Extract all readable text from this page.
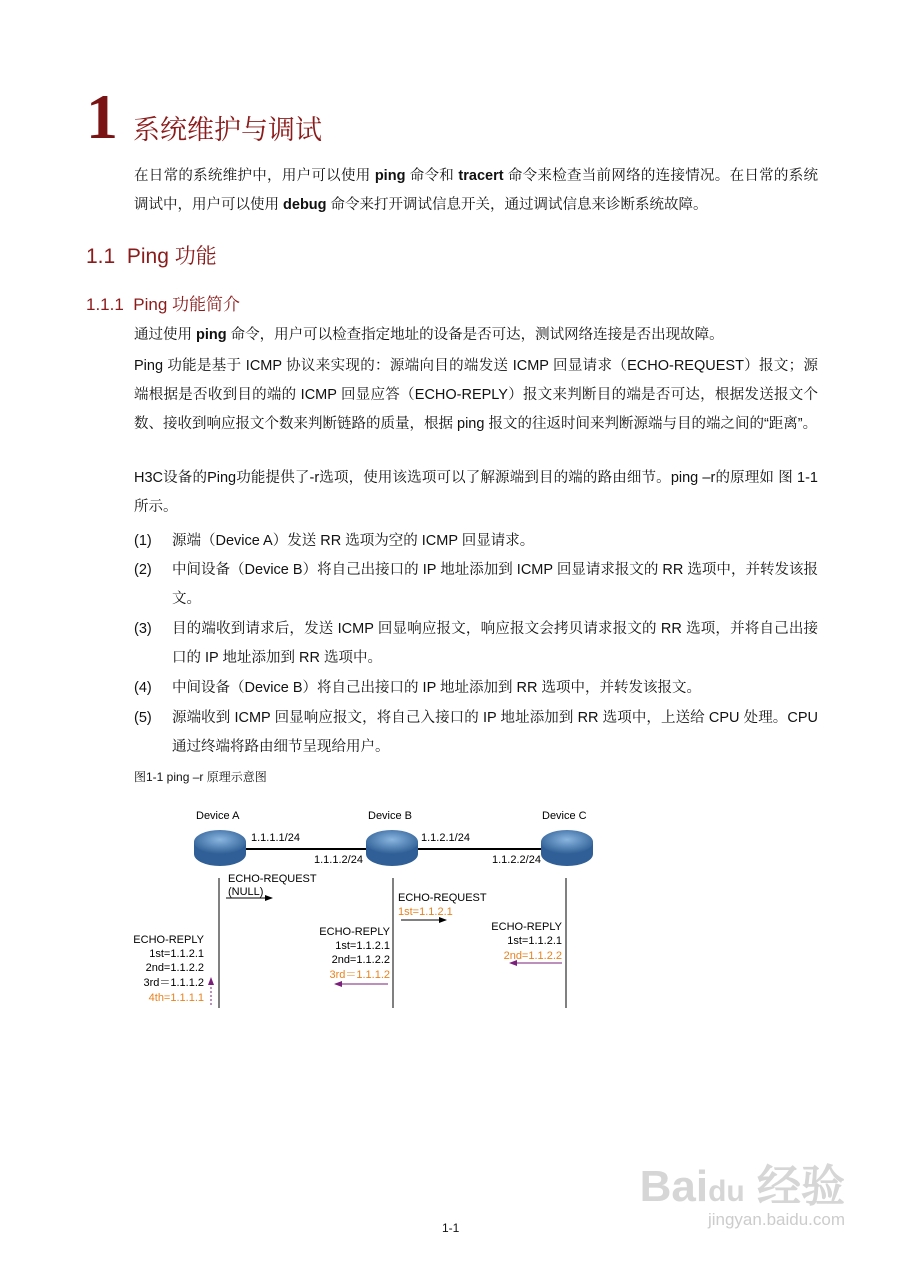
1 系统维护与调试
在日常的系统维护中，用户可以使用 ping 命令和 tracert 命令来检查当前网络的连接情况。在日常的系统调试中，用户可以使用 debug 命令来打开调试信息开关，通过调试信息来诊断系统故障。
1.1 Ping 功能
1.1.1 Ping 功能简介
通过使用 ping 命令，用户可以检查指定地址的设备是否可达，测试网络连接是否出现故障。
Ping 功能是基于 ICMP 协议来实现的：源端向目的端发送 ICMP 回显请求（ECHO-REQUEST）报文；源端根据是否收到目的端的 ICMP 回显应答（ECHO-REPLY）报文来判断目的端是否可达，根据发送报文个数、接收到响应报文个数来判断链路的质量，根据 ping 报文的往返时间来判断源端与目的端之间的“距离”。
H3C设备的Ping功能提供了-r选项，使用该选项可以了解源端到目的端的路由细节。ping –r的原理如 图 1-1所示。
(1) 源端（Device A）发送 RR 选项为空的 ICMP 回显请求。
(2) 中间设备（Device B）将自己出接口的 IP 地址添加到 ICMP 回显请求报文的 RR 选项中，并转发该报文。
(3) 目的端收到请求后，发送 ICMP 回显响应报文，响应报文会拷贝请求报文的 RR 选项，并将自己出接口的 IP 地址添加到 RR 选项中。
(4) 中间设备（Device B）将自己出接口的 IP 地址添加到 RR 选项中，并转发该报文。
(5) 源端收到 ICMP 回显响应报文，将自己入接口的 IP 地址添加到 RR 选项中，上送给 CPU 处理。CPU 通过终端将路由细节呈现给用户。
图1-1 ping –r 原理示意图
Device A	Device B	Device C
1.1.1.1/24
1.1.1.2/24
1.1.2.1/24
1.1.2.2/24
ECHO-REQUEST
(NULL)	ECHO-REQUEST
1st=1.1.2.1
ECHO-REPLY
1st=1.1.2.1
2nd=1.1.2.2
ECHO-REPLY
1st=1.1.2.1
2nd=1.1.2.2
3rd＝1.1.1.2
ECHO-REPLY
1st=1.1.2.1
2nd=1.1.2.2
3rd＝1.1.1.2
4th=1.1.1.1
1-1
Baidu 经验
jingyan.baidu.com
